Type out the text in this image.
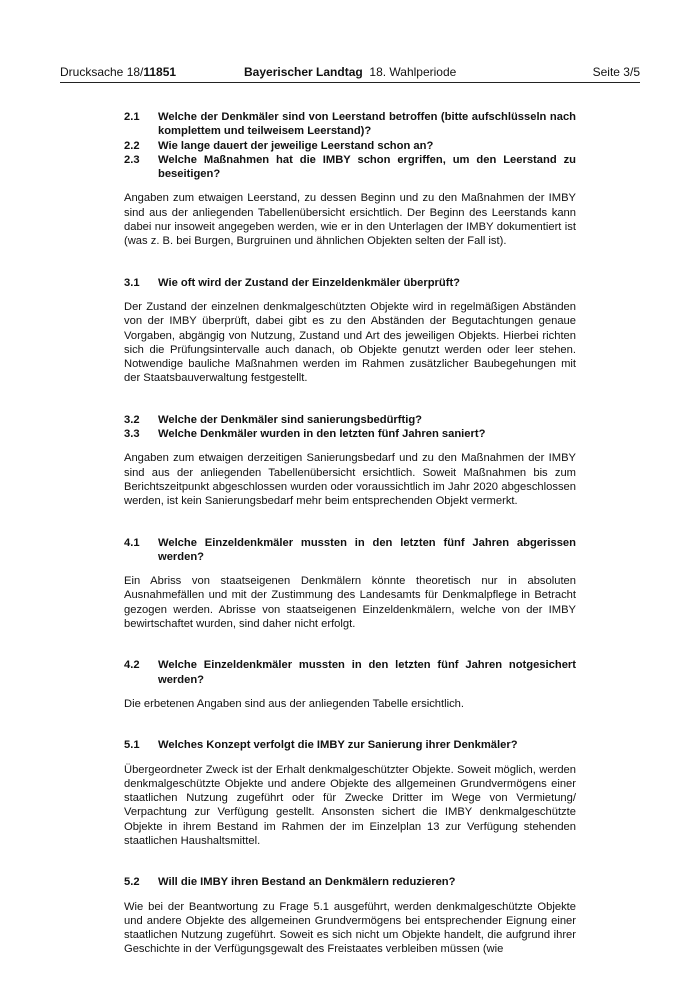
Drucksache 18/11851	Bayerischer Landtag 18. Wahlperiode	Seite 3/5
2.1 Welche der Denkmäler sind von Leerstand betroffen (bitte aufschlüsseln nach komplettem und teilweisem Leerstand)?
2.2 Wie lange dauert der jeweilige Leerstand schon an?
2.3 Welche Maßnahmen hat die IMBY schon ergriffen, um den Leerstand zu beseitigen?

Angaben zum etwaigen Leerstand, zu dessen Beginn und zu den Maßnahmen der IMBY sind aus der anliegenden Tabellenübersicht ersichtlich. Der Beginn des Leerstands kann dabei nur insoweit angegeben werden, wie er in den Unterlagen der IMBY dokumentiert ist (was z. B. bei Burgen, Burgruinen und ähnlichen Objekten selten der Fall ist).

3.1 Wie oft wird der Zustand der Einzeldenkmäler überprüft?

Der Zustand der einzelnen denkmalgeschützten Objekte wird in regelmäßigen Abständen von der IMBY überprüft, dabei gibt es zu den Abständen der Begutachtungen genaue Vorgaben, abgängig von Nutzung, Zustand und Art des jeweiligen Objekts. Hierbei richten sich die Prüfungsintervalle auch danach, ob Objekte genutzt werden oder leer stehen. Notwendige bauliche Maßnahmen werden im Rahmen zusätzlicher Baubegehungen mit der Staatsbauverwaltung festgestellt.

3.2 Welche der Denkmäler sind sanierungsbedürftig?
3.3 Welche Denkmäler wurden in den letzten fünf Jahren saniert?

Angaben zum etwaigen derzeitigen Sanierungsbedarf und zu den Maßnahmen der IMBY sind aus der anliegenden Tabellenübersicht ersichtlich. Soweit Maßnahmen bis zum Berichtszeitpunkt abgeschlossen wurden oder voraussichtlich im Jahr 2020 abgeschlossen werden, ist kein Sanierungsbedarf mehr beim entsprechenden Objekt vermerkt.

4.1 Welche Einzeldenkmäler mussten in den letzten fünf Jahren abgerissen werden?

Ein Abriss von staatseigenen Denkmälern könnte theoretisch nur in absoluten Ausnahmefällen und mit der Zustimmung des Landesamts für Denkmalpflege in Betracht gezogen werden. Abrisse von staatseigenen Einzeldenkmälern, welche von der IMBY bewirtschaftet wurden, sind daher nicht erfolgt.

4.2 Welche Einzeldenkmäler mussten in den letzten fünf Jahren notgesichert werden?

Die erbetenen Angaben sind aus der anliegenden Tabelle ersichtlich.

5.1 Welches Konzept verfolgt die IMBY zur Sanierung ihrer Denkmäler?

Übergeordneter Zweck ist der Erhalt denkmalgeschützter Objekte. Soweit möglich, werden denkmalgeschützte Objekte und andere Objekte des allgemeinen Grundvermögens einer staatlichen Nutzung zugeführt oder für Zwecke Dritter im Wege von Vermietung/ Verpachtung zur Verfügung gestellt. Ansonsten sichert die IMBY denkmalgeschützte Objekte in ihrem Bestand im Rahmen der im Einzelplan 13 zur Verfügung stehenden staatlichen Haushaltsmittel.

5.2 Will die IMBY ihren Bestand an Denkmälern reduzieren?

Wie bei der Beantwortung zu Frage 5.1 ausgeführt, werden denkmalgeschützte Objekte und andere Objekte des allgemeinen Grundvermögens bei entsprechender Eignung einer staatlichen Nutzung zugeführt. Soweit es sich nicht um Objekte handelt, die aufgrund ihrer Geschichte in der Verfügungsgewalt des Freistaates verbleiben müssen (wie
